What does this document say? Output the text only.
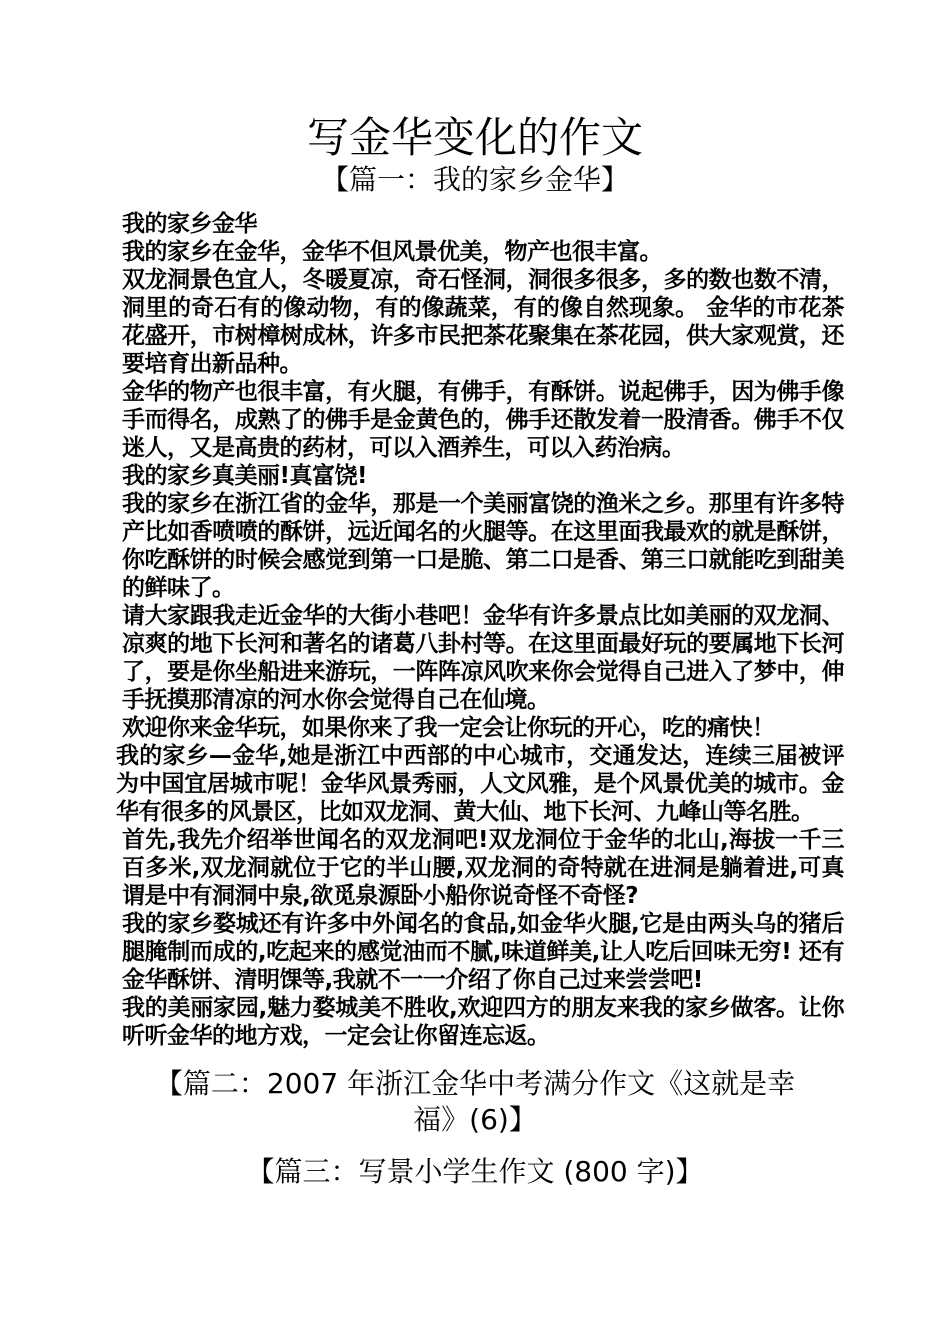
写金华变化的作文
【篇一：我的家乡金华】

我的家乡金华

我的家乡在金华，金华不但风景优美，物产也很丰富。

双龙洞景色宜人，冬暖夏凉，奇石怪洞，洞很多很多，多的数也数不清，洞里的奇石有的像动物，有的像蔬菜，有的像自然现象。 金华的市花茶花盛开，市树樟树成林，许多市民把茶花聚集在茶花园，供大家观赏，还要培育出新品种。

金华的物产也很丰富，有火腿，有佛手，有酥饼。说起佛手，因为佛手像手而得名，成熟了的佛手是金黄色的，佛手还散发着一股清香。佛手不仅迷人，又是高贵的药材，可以入酒养生，可以入药治病。

我的家乡真美丽!真富饶!

我的家乡在浙江省的金华，那是一个美丽富饶的渔米之乡。那里有许多特产比如香喷喷的酥饼，远近闻名的火腿等。在这里面我最欢的就是酥饼，你吃酥饼的时候会感觉到第一口是脆、第二口是香、第三口就能吃到甜美的鲜味了。

请大家跟我走近金华的大街小巷吧！金华有许多景点比如美丽的双龙洞、凉爽的地下长河和著名的诸葛八卦村等。在这里面最好玩的要属地下长河了，要是你坐船进来游玩，一阵阵凉风吹来你会觉得自己进入了梦中，伸手抚摸那清凉的河水你会觉得自己在仙境。

欢迎你来金华玩，如果你来了我一定会让你玩的开心，吃的痛快！

我的家乡—金华,她是浙江中西部的中心城市，交通发达，连续三届被评为中国宜居城市呢！金华风景秀丽，人文风雅，是个风景优美的城市。金华有很多的风景区，比如双龙洞、黄大仙、地下长河、九峰山等名胜。

首先,我先介绍举世闻名的双龙洞吧!双龙洞位于金华的北山,海拔一千三百多米,双龙洞就位于它的半山腰,双龙洞的奇特就在进洞是躺着进,可真谓是中有洞洞中泉,欲觅泉源卧小船你说奇怪不奇怪?

我的家乡婺城还有许多中外闻名的食品,如金华火腿,它是由两头乌的猪后腿腌制而成的,吃起来的感觉油而不腻,味道鲜美,让人吃后回味无穷! 还有金华酥饼、清明馃等,我就不一一介绍了你自己过来尝尝吧!

我的美丽家园,魅力婺城美不胜收,欢迎四方的朋友来我的家乡做客。让你听听金华的地方戏，一定会让你留连忘返。

【篇二：2007 年浙江金华中考满分作文《这就是幸福》(6)】
【篇三：写景小学生作文 (800 字)】
